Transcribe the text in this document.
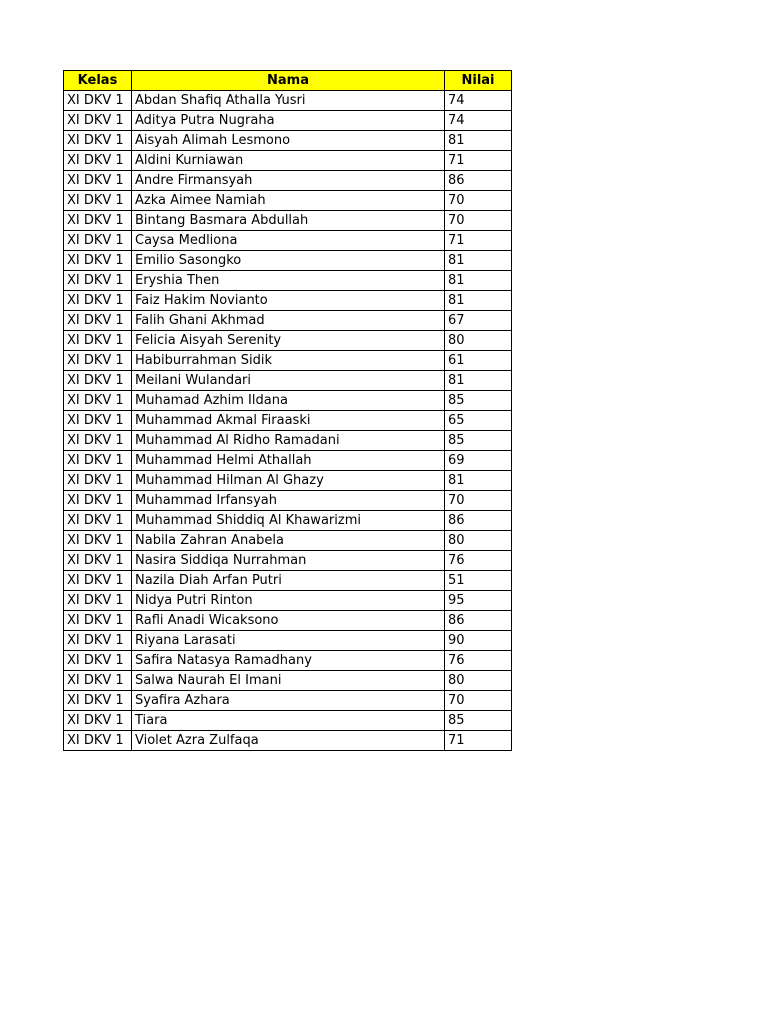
Kelas	Nama	Nilai
XI DKV 1	Abdan Shafiq Athalla Yusri	74
XI DKV 1	Aditya Putra Nugraha	74
XI DKV 1	Aisyah Alimah Lesmono	81
XI DKV 1	Aldini Kurniawan	71
XI DKV 1	Andre Firmansyah	86
XI DKV 1	Azka Aimee Namiah	70
XI DKV 1	Bintang Basmara Abdullah	70
XI DKV 1	Caysa Medliona	71
XI DKV 1	Emilio Sasongko	81
XI DKV 1	Eryshia Then	81
XI DKV 1	Faiz Hakim Novianto	81
XI DKV 1	Falih Ghani Akhmad	67
XI DKV 1	Felicia Aisyah Serenity	80
XI DKV 1	Habiburrahman Sidik	61
XI DKV 1	Meilani Wulandari	81
XI DKV 1	Muhamad Azhim Ildana	85
XI DKV 1	Muhammad Akmal Firaaski	65
XI DKV 1	Muhammad Al Ridho Ramadani	85
XI DKV 1	Muhammad Helmi Athallah	69
XI DKV 1	Muhammad Hilman Al Ghazy	81
XI DKV 1	Muhammad Irfansyah	70
XI DKV 1	Muhammad Shiddiq Al Khawarizmi	86
XI DKV 1	Nabila Zahran Anabela	80
XI DKV 1	Nasira Siddiqa Nurrahman	76
XI DKV 1	Nazila Diah Arfan Putri	51
XI DKV 1	Nidya Putri Rinton	95
XI DKV 1	Rafli Anadi Wicaksono	86
XI DKV 1	Riyana Larasati	90
XI DKV 1	Safira Natasya Ramadhany	76
XI DKV 1	Salwa Naurah El Imani	80
XI DKV 1	Syafira Azhara	70
XI DKV 1	Tiara	85
XI DKV 1	Violet Azra Zulfaqa	71
